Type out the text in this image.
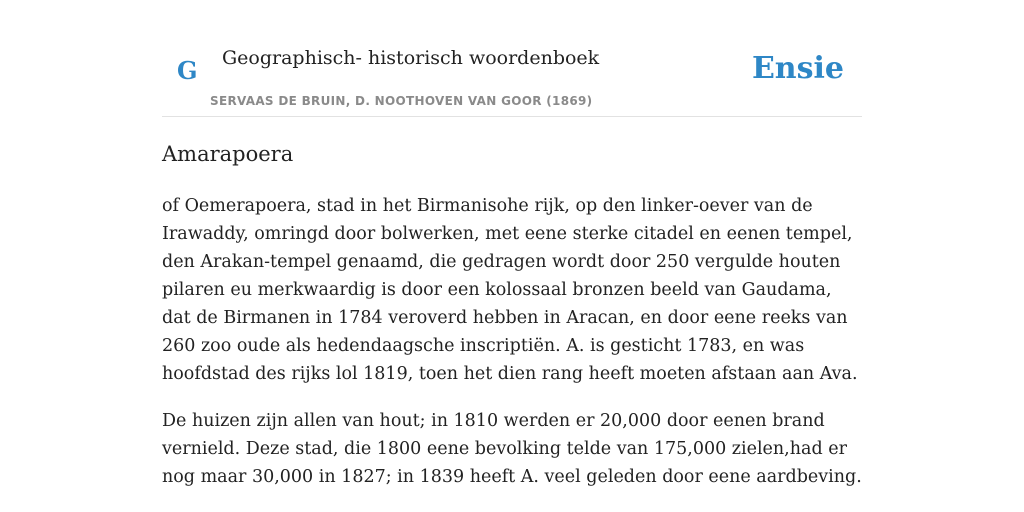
G Geographisch- historisch woordenboek
SERVAAS DE BRUIN, D. NOOTHOVEN VAN GOOR (1869)
Ensie
Amarapoera

of Oemerapoera, stad in het Birmanisohe rijk, op den linker-oever van de Irawaddy, omringd door bolwerken, met eene sterke citadel en eenen tempel, den Arakan-tempel genaamd, die gedragen wordt door 250 vergulde houten pilaren eu merkwaardig is door een kolossaal bronzen beeld van Gaudama, dat de Birmanen in 1784 veroverd hebben in Aracan, en door eene reeks van 260 zoo oude als hedendaagsche inscriptiën. A. is gesticht 1783, en was hoofdstad des rijks lol 1819, toen het dien rang heeft moeten afstaan aan Ava.

De huizen zijn allen van hout; in 1810 werden er 20,000 door eenen brand vernield. Deze stad, die 1800 eene bevolking telde van 175,000 zielen,had er nog maar 30,000 in 1827; in 1839 heeft A. veel geleden door eene aardbeving.
